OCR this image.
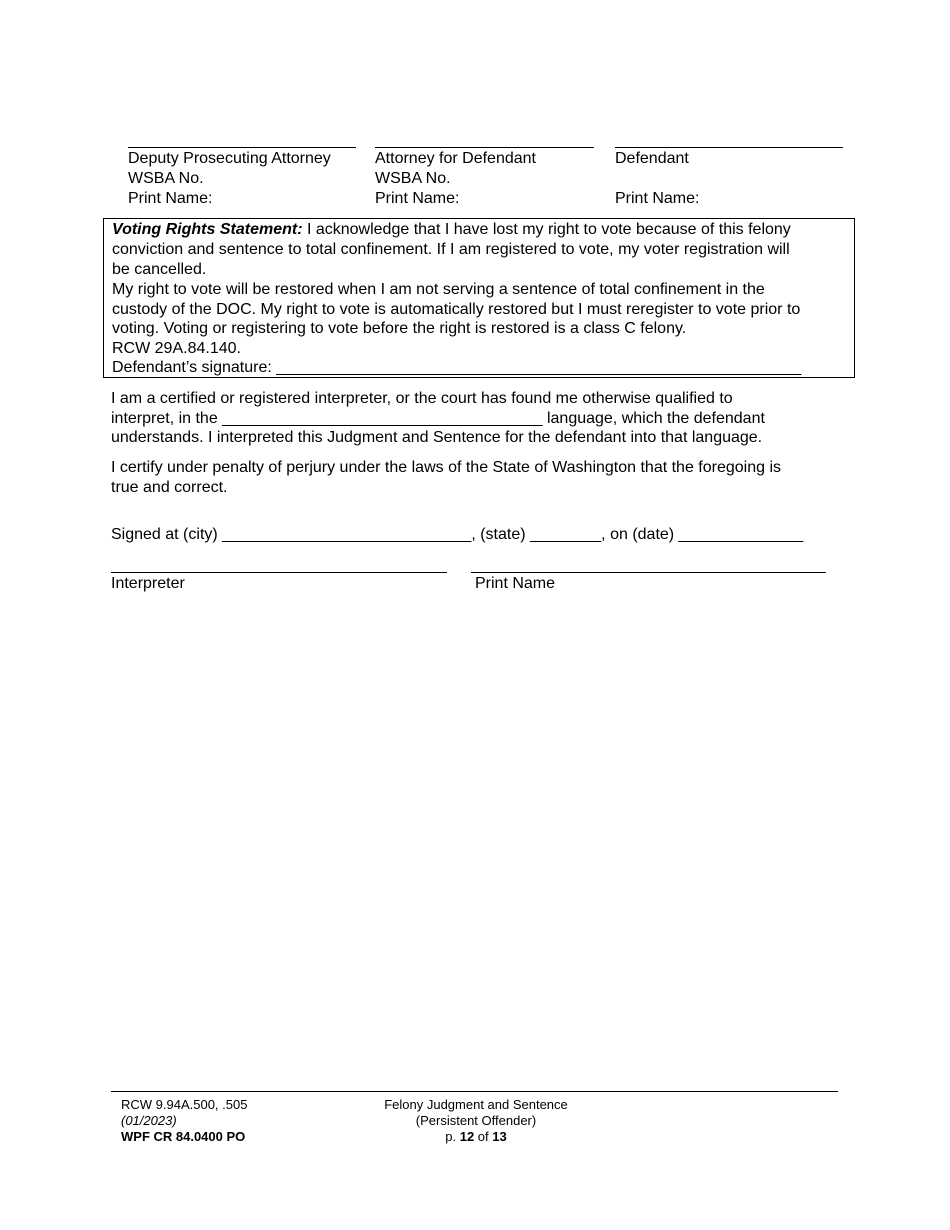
Deputy Prosecuting Attorney
WSBA No.
Print Name:
Attorney for Defendant
WSBA No.
Print Name:
Defendant
Print Name:
Voting Rights Statement: I acknowledge that I have lost my right to vote because of this felony
conviction and sentence to total confinement. If I am registered to vote, my voter registration will
be cancelled.
My right to vote will be restored when I am not serving a sentence of total confinement in the
custody of the DOC. My right to vote is automatically restored but I must reregister to vote prior to
voting. Voting or registering to vote before the right is restored is a class C felony.
RCW 29A.84.140.
Defendant’s signature: ___________________________________________________________
I am a certified or registered interpreter, or the court has found me otherwise qualified to
interpret, in the ____________________________________ language, which the defendant
understands. I interpreted this Judgment and Sentence for the defendant into that language.
I certify under penalty of perjury under the laws of the State of Washington that the foregoing is
true and correct.
Signed at (city) ____________________________, (state) ________, on (date) ______________
Interpreter	Print Name
RCW 9.94A.500, .505
(01/2023)
WPF CR 84.0400 PO
Felony Judgment and Sentence
(Persistent Offender)
p. 12 of 13
